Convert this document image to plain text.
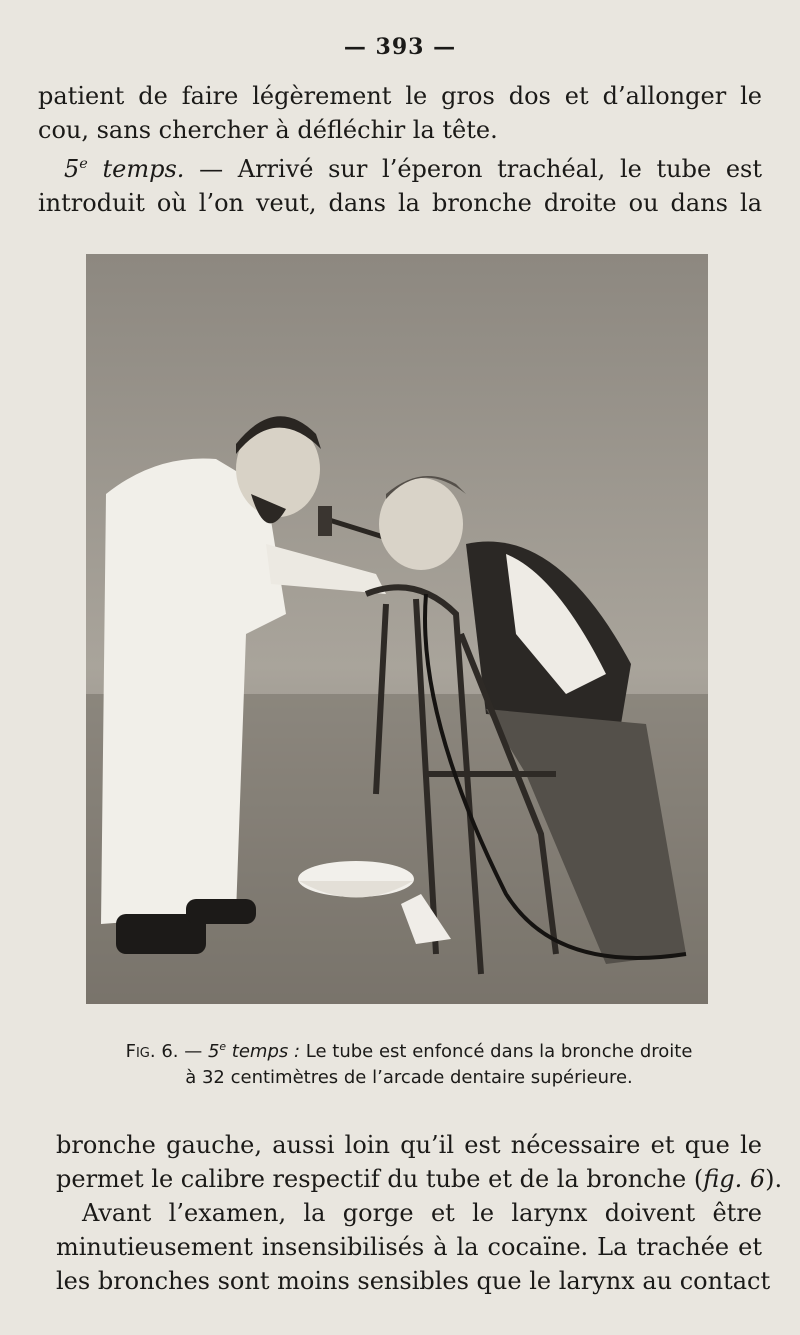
— 393 —
patient de faire légèrement le gros dos et d’allonger le
cou, sans chercher à défléchir la tête.
5e temps. — Arrivé sur l’éperon trachéal, le tube est
introduit où l’on veut, dans la bronche droite ou dans la
Fig. 6. — 5e temps : Le tube est enfoncé dans la bronche droite
à 32 centimètres de l’arcade dentaire supérieure.
bronche gauche, aussi loin qu’il est nécessaire et que le
permet le calibre respectif du tube et de la bronche (fig. 6).
Avant l’examen, la gorge et le larynx doivent être
minutieusement insensibilisés à la cocaïne. La trachée et
les bronches sont moins sensibles que le larynx au contact
